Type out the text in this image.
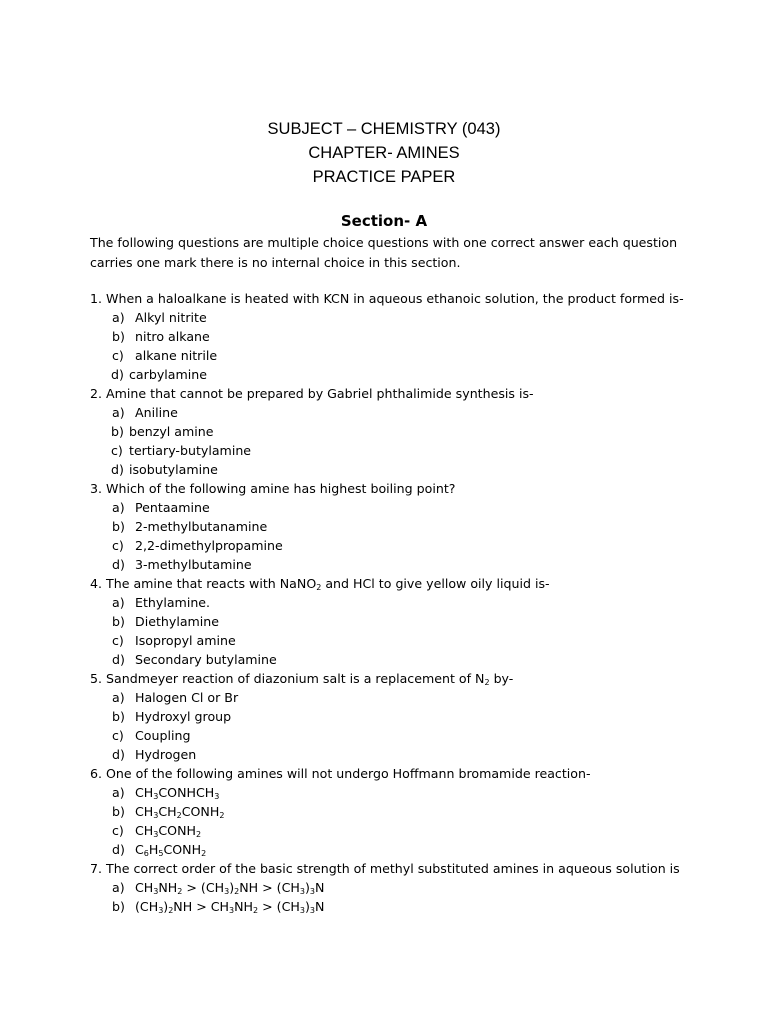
SUBJECT – CHEMISTRY (043)
CHAPTER- AMINES
PRACTICE PAPER
Section- A
The following questions are multiple choice questions with one correct answer each question
carries one mark there is no internal choice in this section.
1. When a haloalkane is heated with KCN in aqueous ethanoic solution, the product formed is-
a) Alkyl nitrite
b) nitro alkane
c) alkane nitrile
d) carbylamine
2. Amine that cannot be prepared by Gabriel phthalimide synthesis is-
a) Aniline
b) benzyl amine
c) tertiary-butylamine
d) isobutylamine
3. Which of the following amine has highest boiling point?
a) Pentaamine
b) 2-methylbutanamine
c) 2,2-dimethylpropamine
d) 3-methylbutamine
4. The amine that reacts with NaNO$_2$ and HCl to give yellow oily liquid is-
a) Ethylamine.
b) Diethylamine
c) Isopropyl amine
d) Secondary butylamine
5. Sandmeyer reaction of diazonium salt is a replacement of $N_2$ by-
a) Halogen Cl or Br
b) Hydroxyl group
c) Coupling
d) Hydrogen
6. One of the following amines will not undergo Hoffmann bromamide reaction-
a) $CH_3CONHCH_3$
b) $CH_3CH_2CONH_2$
c) $CH_3CONH_2$
d) $C_6H_5CONH_2$
7. The correct order of the basic strength of methyl substituted amines in aqueous solution is
a) $CH_3NH_2 > (CH_3)_2NH > (CH_3)_3N$
b) $(CH_3)_2NH > CH_3NH_2 > (CH_3)_3N$
